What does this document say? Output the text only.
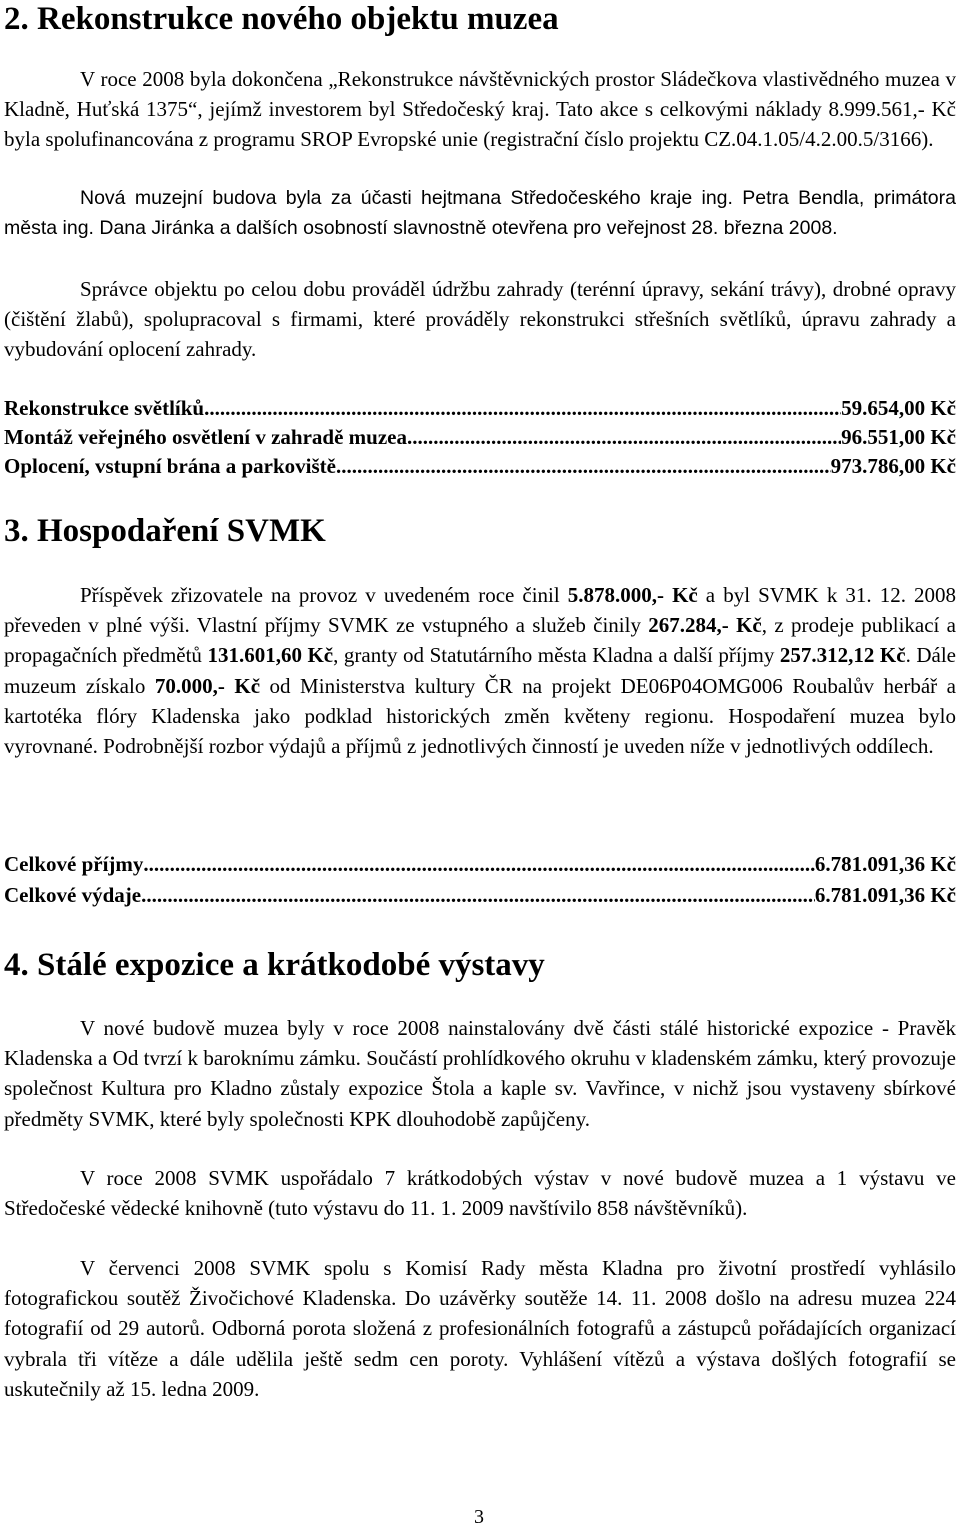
2. Rekonstrukce nového objektu muzea

V roce 2008 byla dokončena „Rekonstrukce návštěvnických prostor Sládečkova vlastivědného muzea v Kladně, Huťská 1375“, jejímž investorem byl Středočeský kraj. Tato akce s celkovými náklady 8.999.561,- Kč byla spolufinancována z programu SROP Evropské unie (registrační číslo projektu CZ.04.1.05/4.2.00.5/3166).

Nová muzejní budova byla za účasti hejtmana Středočeského kraje ing. Petra Bendla, primátora města ing. Dana Jiránka a dalších osobností slavnostně otevřena pro veřejnost 28. března 2008.

Správce objektu po celou dobu prováděl údržbu zahrady (terénní úpravy, sekání trávy), drobné opravy (čištění žlabů), spolupracoval s firmami, které prováděly rekonstrukci střešních světlíků, úpravu zahrady a vybudování oplocení zahrady.

Rekonstrukce světlíků .....	59.654,00 Kč
Montáž veřejného osvětlení v zahradě muzea .....	96.551,00 Kč
Oplocení, vstupní brána a parkoviště .....	973.786,00 Kč
3. Hospodaření SVMK

Příspěvek zřizovatele na provoz v uvedeném roce činil 5.878.000,- Kč a byl SVMK k 31. 12. 2008 převeden v plné výši. Vlastní příjmy SVMK ze vstupného a služeb činily 267.284,- Kč, z prodeje publikací a propagačních předmětů 131.601,60 Kč, granty od Statutárního města Kladna a další příjmy 257.312,12 Kč. Dále muzeum získalo 70.000,- Kč od Ministerstva kultury ČR na projekt DE06P04OMG006 Roubalův herbář a kartotéka flóry Kladenska jako podklad historických změn květeny regionu. Hospodaření muzea bylo vyrovnané. Podrobnější rozbor výdajů a příjmů z jednotlivých činností je uveden níže v jednotlivých oddílech.

Celkové příjmy .....	6.781.091,36 Kč
Celkové výdaje .....	6.781.091,36 Kč
4. Stálé expozice a krátkodobé výstavy

V nové budově muzea byly v roce 2008 nainstalovány dvě části stálé historické expozice - Pravěk Kladenska a Od tvrzí k baroknímu zámku. Součástí prohlídkového okruhu v kladenském zámku, který provozuje společnost Kultura pro Kladno zůstaly expozice Štola a kaple sv. Vavřince, v nichž jsou vystaveny sbírkové předměty SVMK, které byly společnosti KPK dlouhodobě zapůjčeny.

V roce 2008 SVMK uspořádalo 7 krátkodobých výstav v nové budově muzea a 1 výstavu ve Středočeské vědecké knihovně (tuto výstavu do 11. 1. 2009 navštívilo 858 návštěvníků).

V červenci 2008 SVMK spolu s Komisí Rady města Kladna pro životní prostředí vyhlásilo fotografickou soutěž Živočichové Kladenska. Do uzávěrky soutěže 14. 11. 2008 došlo na adresu muzea 224 fotografií od 29 autorů. Odborná porota složená z profesionálních fotografů a zástupců pořádajících organizací vybrala tři vítěze a dále udělila ještě sedm cen poroty. Vyhlášení vítězů a výstava došlých fotografií se uskutečnily až 15. ledna 2009.

3
